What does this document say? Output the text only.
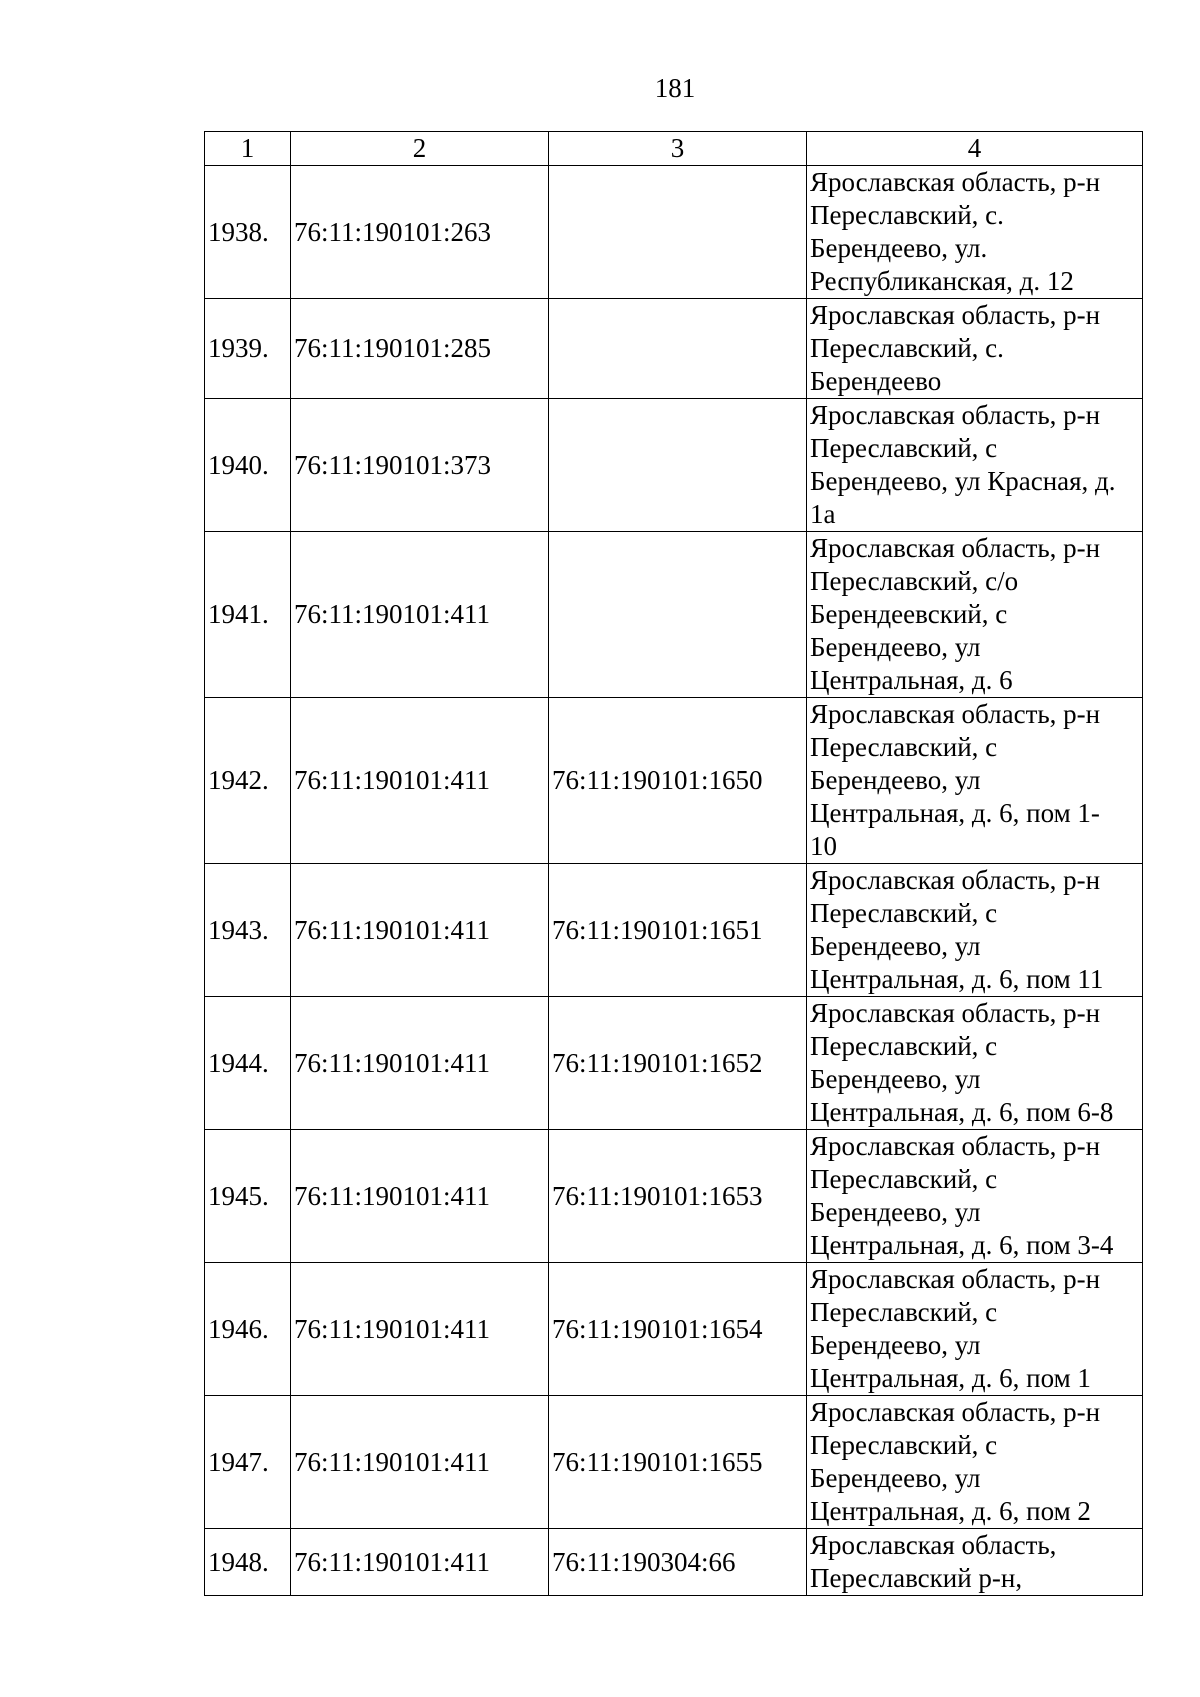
181
1	2	3	4
1938.	76:11:190101:263		Ярославская область, р-н
Переславский, с.
Берендеево, ул.
Республиканская, д. 12

1939.	76:11:190101:285		Ярославская область, р-н
Переславский, с.
Берендеево

1940.	76:11:190101:373		Ярославская область, р-н
Переславский, с
Берендеево, ул Красная, д.
1а

1941.	76:11:190101:411		Ярославская область, р-н
Переславский, с/о
Берендеевский, с
Берендеево, ул
Центральная, д. 6

1942.	76:11:190101:411	76:11:190101:1650	Ярославская область, р-н
Переславский, с
Берендеево, ул
Центральная, д. 6, пом 1-
10

1943.	76:11:190101:411	76:11:190101:1651	Ярославская область, р-н
Переславский, с
Берендеево, ул
Центральная, д. 6, пом 11

1944.	76:11:190101:411	76:11:190101:1652	Ярославская область, р-н
Переславский, с
Берендеево, ул
Центральная, д. 6, пом 6-8

1945.	76:11:190101:411	76:11:190101:1653	Ярославская область, р-н
Переславский, с
Берендеево, ул
Центральная, д. 6, пом 3-4

1946.	76:11:190101:411	76:11:190101:1654	Ярославская область, р-н
Переславский, с
Берендеево, ул
Центральная, д. 6, пом 1

1947.	76:11:190101:411	76:11:190101:1655	Ярославская область, р-н
Переславский, с
Берендеево, ул
Центральная, д. 6, пом 2

1948.	76:11:190101:411	76:11:190304:66	Ярославская область,
Переславский р-н,
